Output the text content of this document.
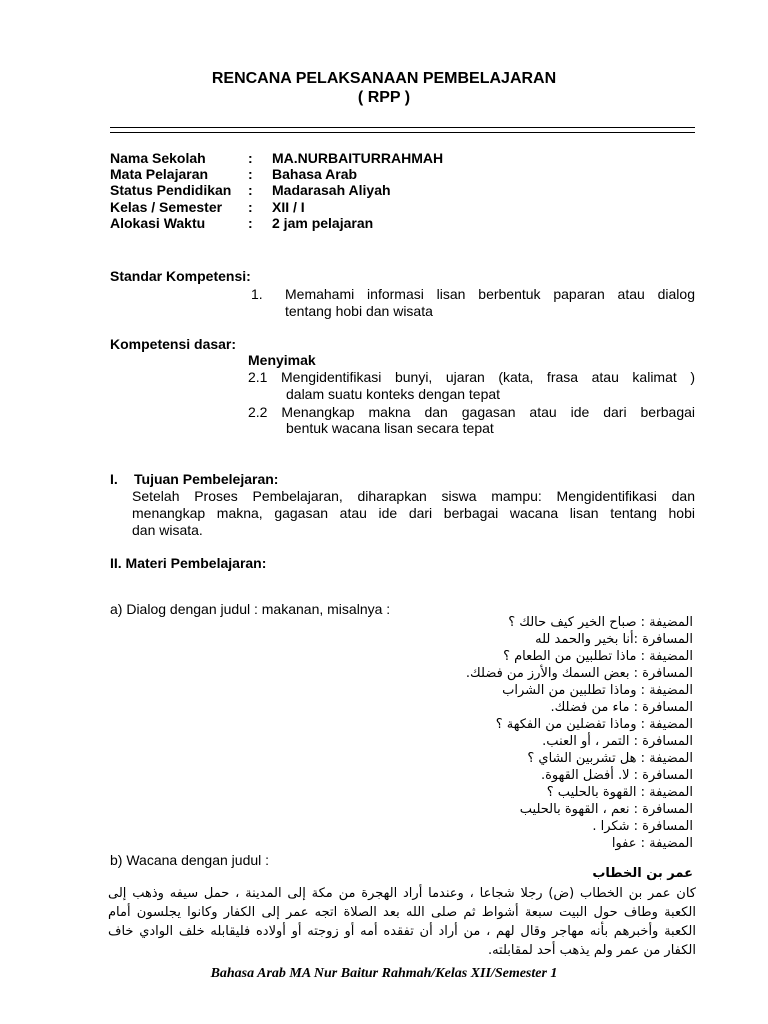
RENCANA PELAKSANAAN PEMBELAJARAN
( RPP )
Nama Sekolah	: MA.NURBAITURRAHMAH
Mata Pelajaran	: Bahasa Arab
Status Pendidikan : Madarasah Aliyah
Kelas / Semester : XII / I
Alokasi Waktu	: 2 jam pelajaran
Standar Kompetensi:
1. Memahami informasi lisan berbentuk paparan atau dialog
tentang hobi dan wisata
Kompetensi dasar:
Menyimak
2.1 Mengidentifikasi bunyi, ujaran (kata, frasa atau kalimat )
dalam suatu konteks dengan tepat
2.2 Menangkap makna dan gagasan atau ide dari berbagai
bentuk wacana lisan secara tepat
I. Tujuan Pembelejaran:
Setelah Proses Pembelajaran, diharapkan siswa mampu: Mengidentifikasi dan
menangkap makna, gagasan atau ide dari berbagai wacana lisan tentang hobi
dan wisata.
II. Materi Pembelajaran:
a) Dialog dengan judul : makanan, misalnya :
المضيفة : صباح الخير كيف حالك ؟
المسافرة :أنا بخير والحمد لله
المضيفة : ماذا تطلبين من الطعام ؟
المسافرة : بعض السمك والأرز من فضلك.
المضيفة : وماذا تطلبين من الشراب
المسافرة : ماء من فضلك.
المضيفة : وماذا تفضلين من الفكهة ؟
المسافرة : التمر ، أو العنب.
المضيفة : هل تشربين الشاي ؟
المسافرة : لا. أفضل القهوة.
المضيفة : القهوة بالحليب ؟
المسافرة : نعم ، القهوة بالحليب
المسافرة : شكرا .
المضيفة : عفوا
b) Wacana dengan judul :
عمر بن الخطاب
كان عمر بن الخطاب (ض) رجلا شجاعا ، وعندما أراد الهجرة من مكة إلى المدينة ، حمل سيفه وذهب إلى الكعبة وطاف حول البيت سبعة أشواط ثم صلى الله بعد الصلاة اتجه عمر إلى الكفار وكانوا يجلسون أمام الكعبة وأخبرهم بأنه مهاجر وقال لهم ، من أراد أن تفقده أمه أو زوجته أو أولاده فليقابله خلف الوادي خاف الكفار من عمر ولم يذهب أحد لمقابلته.
Bahasa Arab MA Nur Baitur Rahmah/Kelas XII/Semester 1
